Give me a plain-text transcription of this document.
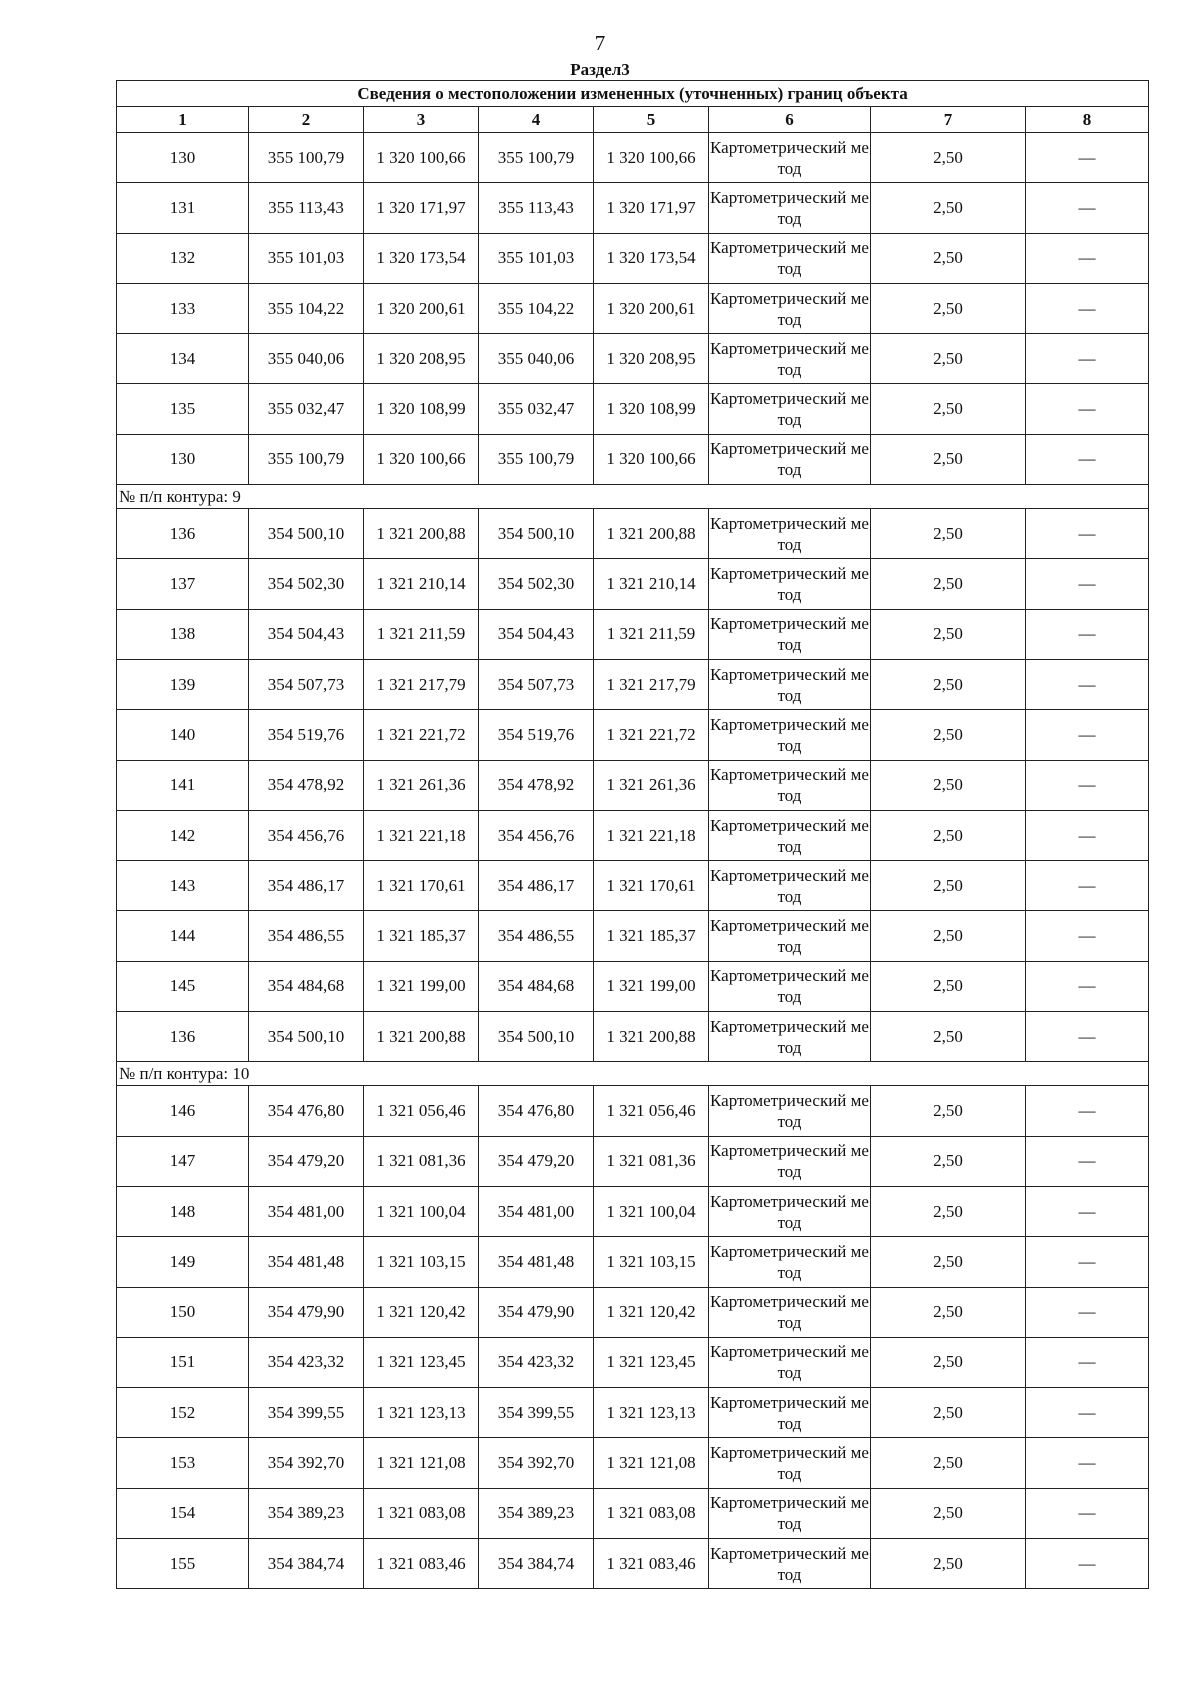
7
Раздел3
Сведения о местоположении измененных (уточненных) границ объекта							
1	2	3	4	5	6	7	8
130	355 100,79	1 320 100,66	355 100,79	1 320 100,66	Картометрический метод	2,50	—
131	355 113,43	1 320 171,97	355 113,43	1 320 171,97	Картометрический метод	2,50	—
132	355 101,03	1 320 173,54	355 101,03	1 320 173,54	Картометрический метод	2,50	—
133	355 104,22	1 320 200,61	355 104,22	1 320 200,61	Картометрический метод	2,50	—
134	355 040,06	1 320 208,95	355 040,06	1 320 208,95	Картометрический метод	2,50	—
135	355 032,47	1 320 108,99	355 032,47	1 320 108,99	Картометрический метод	2,50	—
130	355 100,79	1 320 100,66	355 100,79	1 320 100,66	Картометрический метод	2,50	—
№ п/п контура: 9							
136	354 500,10	1 321 200,88	354 500,10	1 321 200,88	Картометрический метод	2,50	—
137	354 502,30	1 321 210,14	354 502,30	1 321 210,14	Картометрический метод	2,50	—
138	354 504,43	1 321 211,59	354 504,43	1 321 211,59	Картометрический метод	2,50	—
139	354 507,73	1 321 217,79	354 507,73	1 321 217,79	Картометрический метод	2,50	—
140	354 519,76	1 321 221,72	354 519,76	1 321 221,72	Картометрический метод	2,50	—
141	354 478,92	1 321 261,36	354 478,92	1 321 261,36	Картометрический метод	2,50	—
142	354 456,76	1 321 221,18	354 456,76	1 321 221,18	Картометрический метод	2,50	—
143	354 486,17	1 321 170,61	354 486,17	1 321 170,61	Картометрический метод	2,50	—
144	354 486,55	1 321 185,37	354 486,55	1 321 185,37	Картометрический метод	2,50	—
145	354 484,68	1 321 199,00	354 484,68	1 321 199,00	Картометрический метод	2,50	—
136	354 500,10	1 321 200,88	354 500,10	1 321 200,88	Картометрический метод	2,50	—
№ п/п контура: 10							
146	354 476,80	1 321 056,46	354 476,80	1 321 056,46	Картометрический метод	2,50	—
147	354 479,20	1 321 081,36	354 479,20	1 321 081,36	Картометрический метод	2,50	—
148	354 481,00	1 321 100,04	354 481,00	1 321 100,04	Картометрический метод	2,50	—
149	354 481,48	1 321 103,15	354 481,48	1 321 103,15	Картометрический метод	2,50	—
150	354 479,90	1 321 120,42	354 479,90	1 321 120,42	Картометрический метод	2,50	—
151	354 423,32	1 321 123,45	354 423,32	1 321 123,45	Картометрический метод	2,50	—
152	354 399,55	1 321 123,13	354 399,55	1 321 123,13	Картометрический метод	2,50	—
153	354 392,70	1 321 121,08	354 392,70	1 321 121,08	Картометрический метод	2,50	—
154	354 389,23	1 321 083,08	354 389,23	1 321 083,08	Картометрический метод	2,50	—
155	354 384,74	1 321 083,46	354 384,74	1 321 083,46	Картометрический метод	2,50	—
